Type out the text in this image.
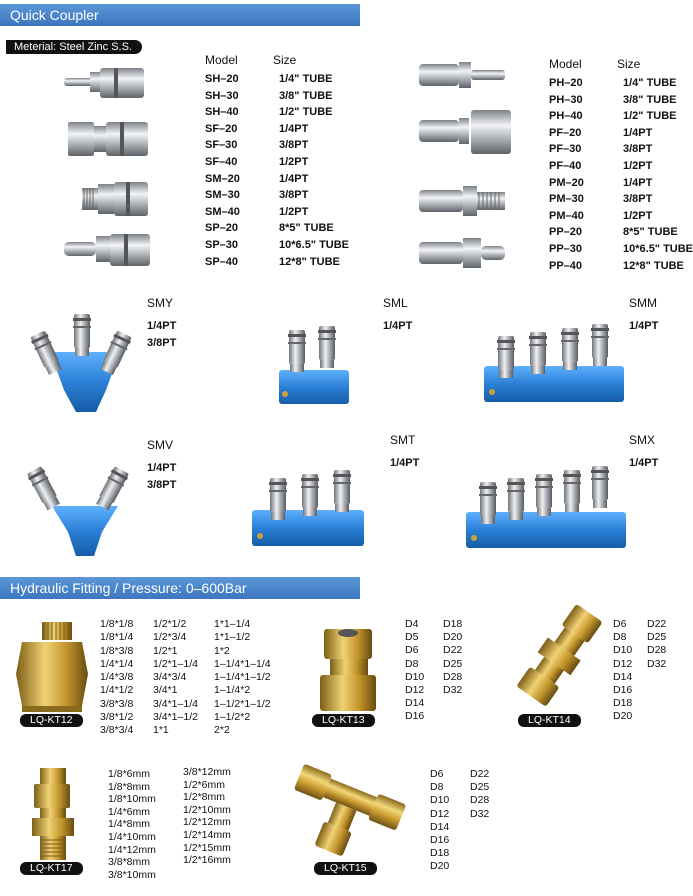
Quick Coupler
Meterial: Steel Zinc S.S.
Model	Size
SH–20	1/4" TUBE
SH–30	3/8" TUBE
SH–40	1/2" TUBE
SF–20	1/4PT
SF–30	3/8PT
SF–40	1/2PT
SM–20	1/4PT
SM–30	3/8PT
SM–40	1/2PT
SP–20	8*5" TUBE
SP–30	10*6.5" TUBE
SP–40	12*8" TUBE
Model	Size
PH–20	1/4" TUBE
PH–30	3/8" TUBE
PH–40	1/2" TUBE
PF–20	1/4PT
PF–30	3/8PT
PF–40	1/2PT
PM–20	1/4PT
PM–30	3/8PT
PM–40	1/2PT
PP–20	8*5" TUBE
PP–30	10*6.5" TUBE
PP–40	12*8" TUBE
SMY
1/4PT
3/8PT
SML
1/4PT
SMM
1/4PT
SMV
1/4PT
3/8PT
SMT
1/4PT
SMX
1/4PT
Hydraulic Fitting / Pressure: 0–600Bar
LQ-KT12
1/8*1/8
1/8*1/4
1/8*3/8
1/4*1/4
1/4*3/8
1/4*1/2
3/8*3/8
3/8*1/2
3/8*3/4
1/2*1/2
1/2*3/4
1/2*1
1/2*1–1/4
3/4*3/4
3/4*1
3/4*1–1/4
3/4*1–1/2
1*1
1*1–1/4
1*1–1/2
1*2
1–1/4*1–1/4
1–1/4*1–1/2
1–1/4*2
1–1/2*1–1/2
1–1/2*2
2*2
LQ-KT13
D4
D5
D6
D8
D10
D12
D14
D16
D18
D20
D22
D25
D28
D32
LQ-KT14
D6
D8
D10
D12
D14
D16
D18
D20
D22
D25
D28
D32
LQ-KT17
1/8*6mm
1/8*8mm
1/8*10mm
1/4*6mm
1/4*8mm
1/4*10mm
1/4*12mm
3/8*8mm
3/8*10mm
3/8*12mm
1/2*6mm
1/2*8mm
1/2*10mm
1/2*12mm
1/2*14mm
1/2*15mm
1/2*16mm
LQ-KT15
D6
D8
D10
D12
D14
D16
D18
D20
D22
D25
D28
D32
